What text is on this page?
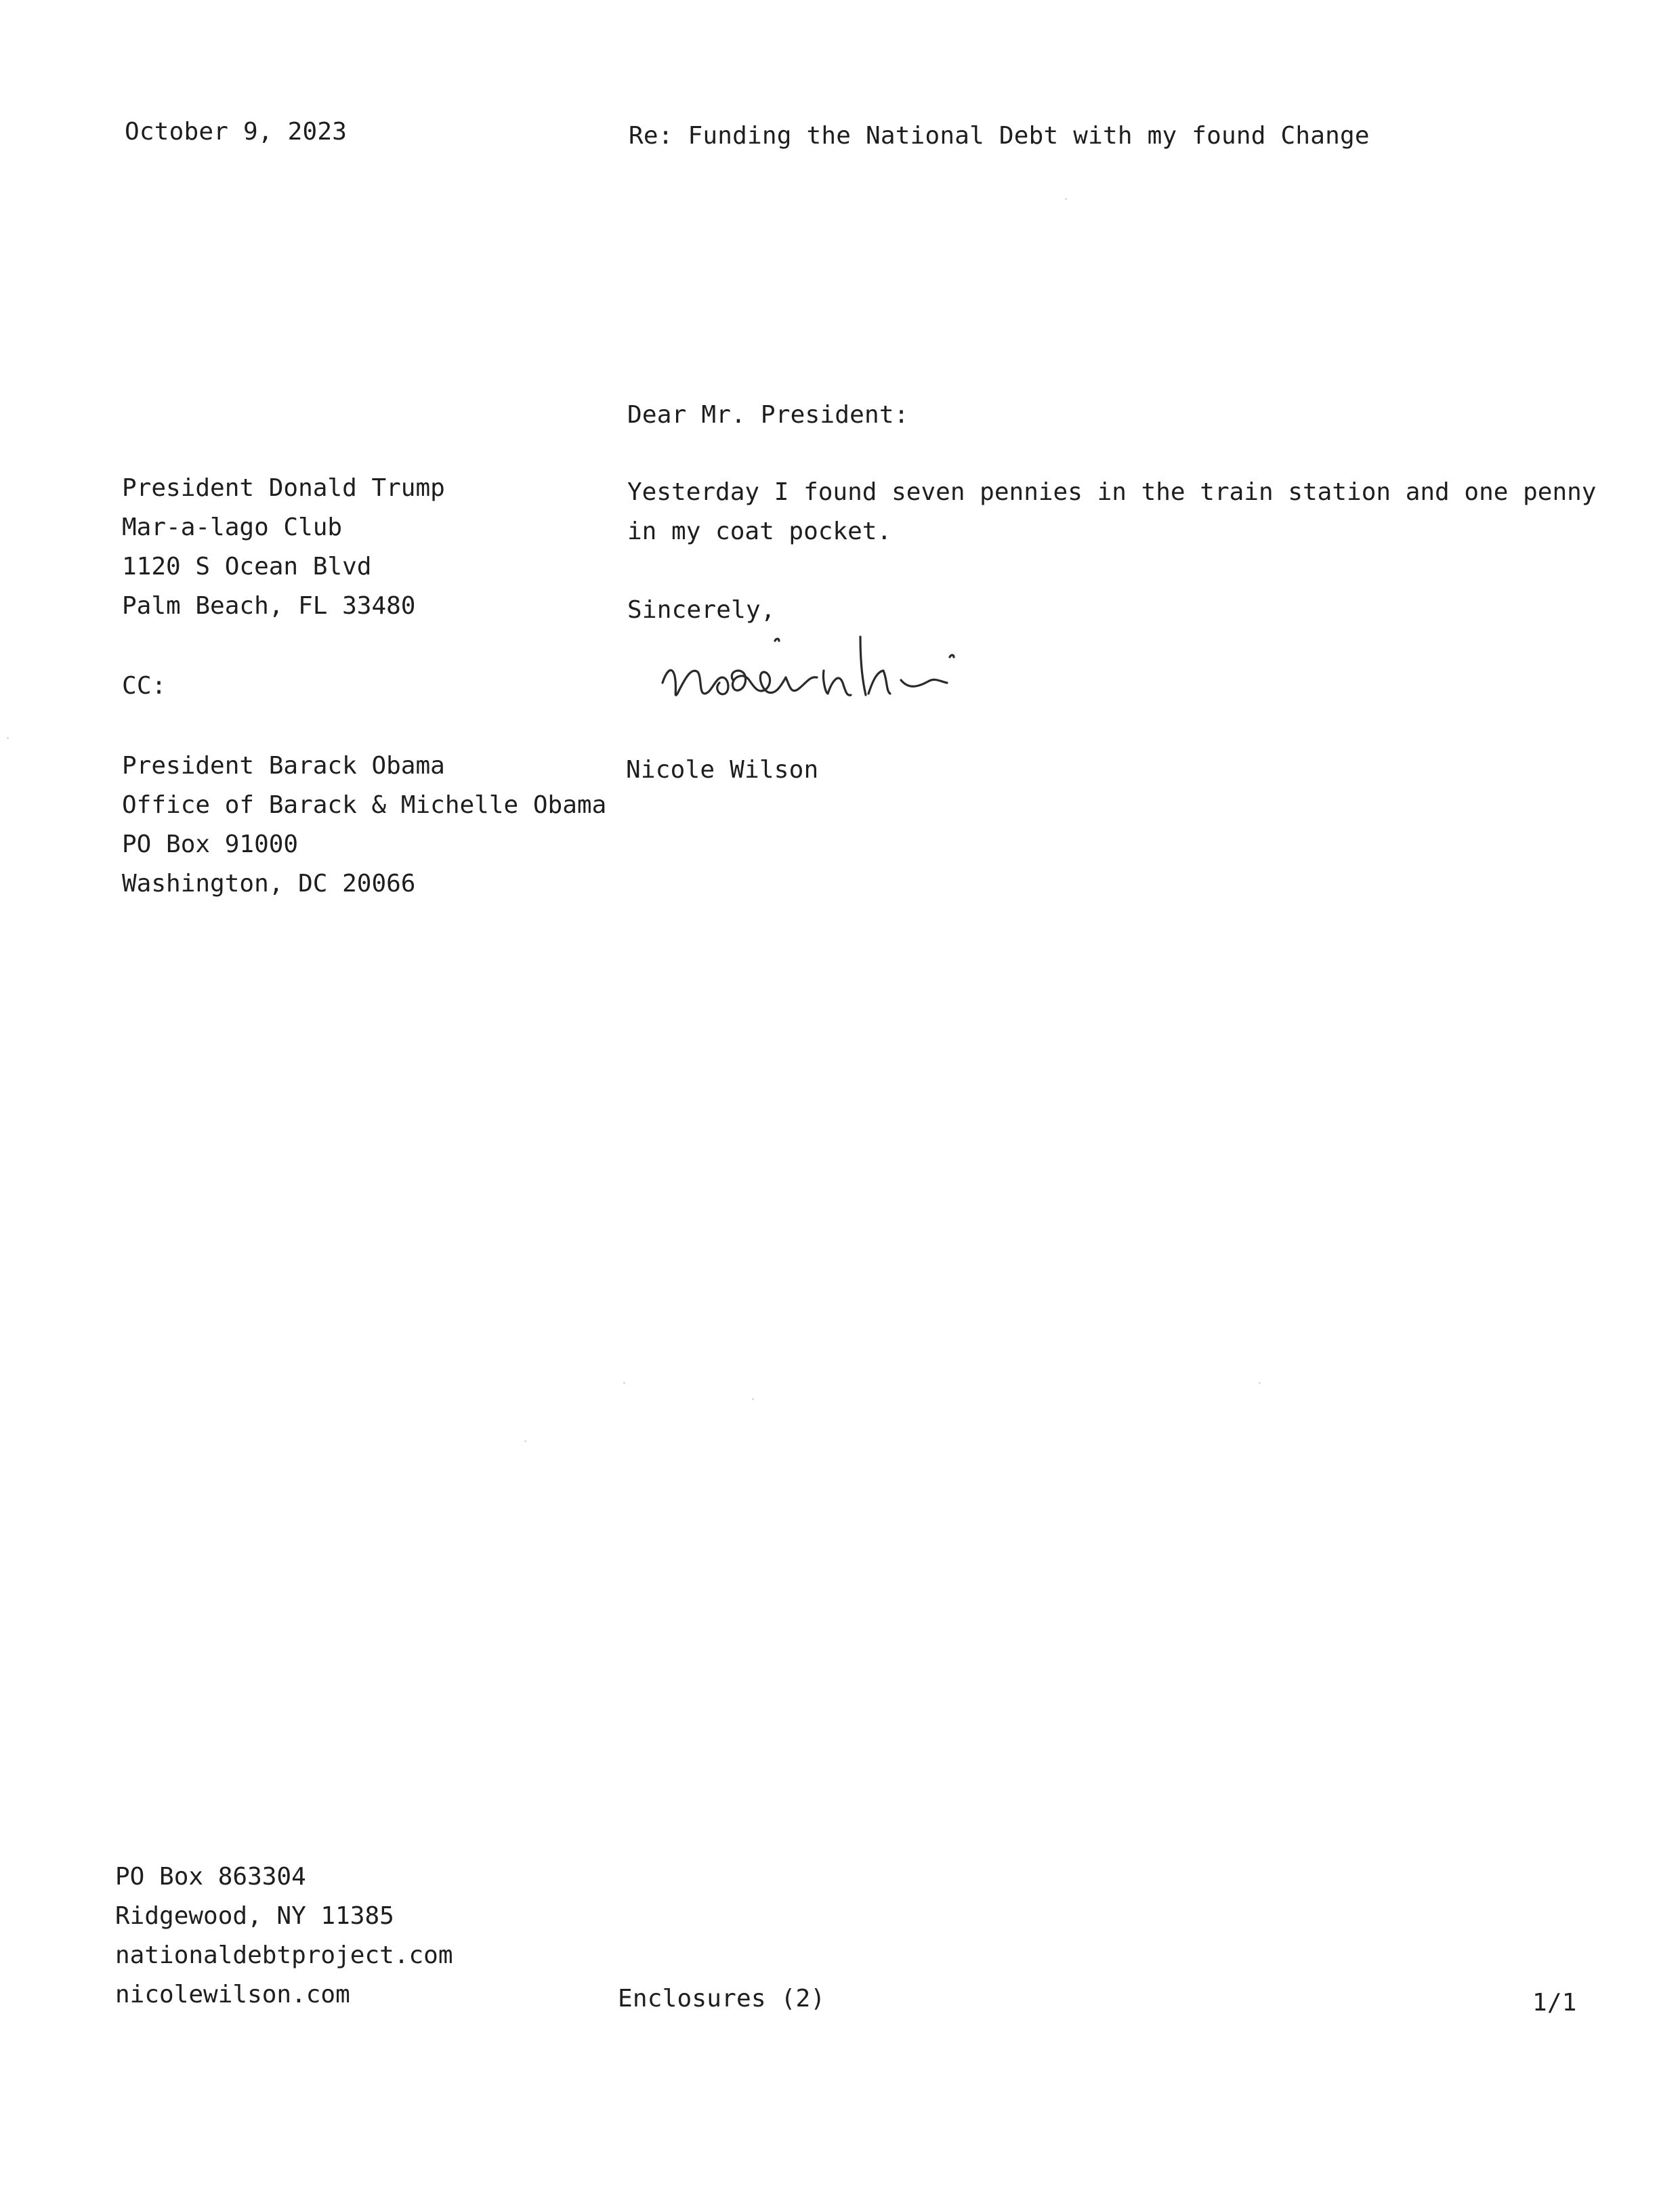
October 9, 2023	Re: Funding the National Debt with my found Change
Dear Mr. President:
President Donald Trump
Mar-a-lago Club
1120 S Ocean Blvd
Palm Beach, FL 33480
Yesterday I found seven pennies in the train station and one penny
in my coat pocket.
Sincerely,
CC:
Nicole Wilson
President Barack Obama
Office of Barack & Michelle Obama
PO Box 91000
Washington, DC 20066
PO Box 863304
Ridgewood, NY 11385
nationaldebtproject.com
nicolewilson.com	Enclosures (2)	1/1
